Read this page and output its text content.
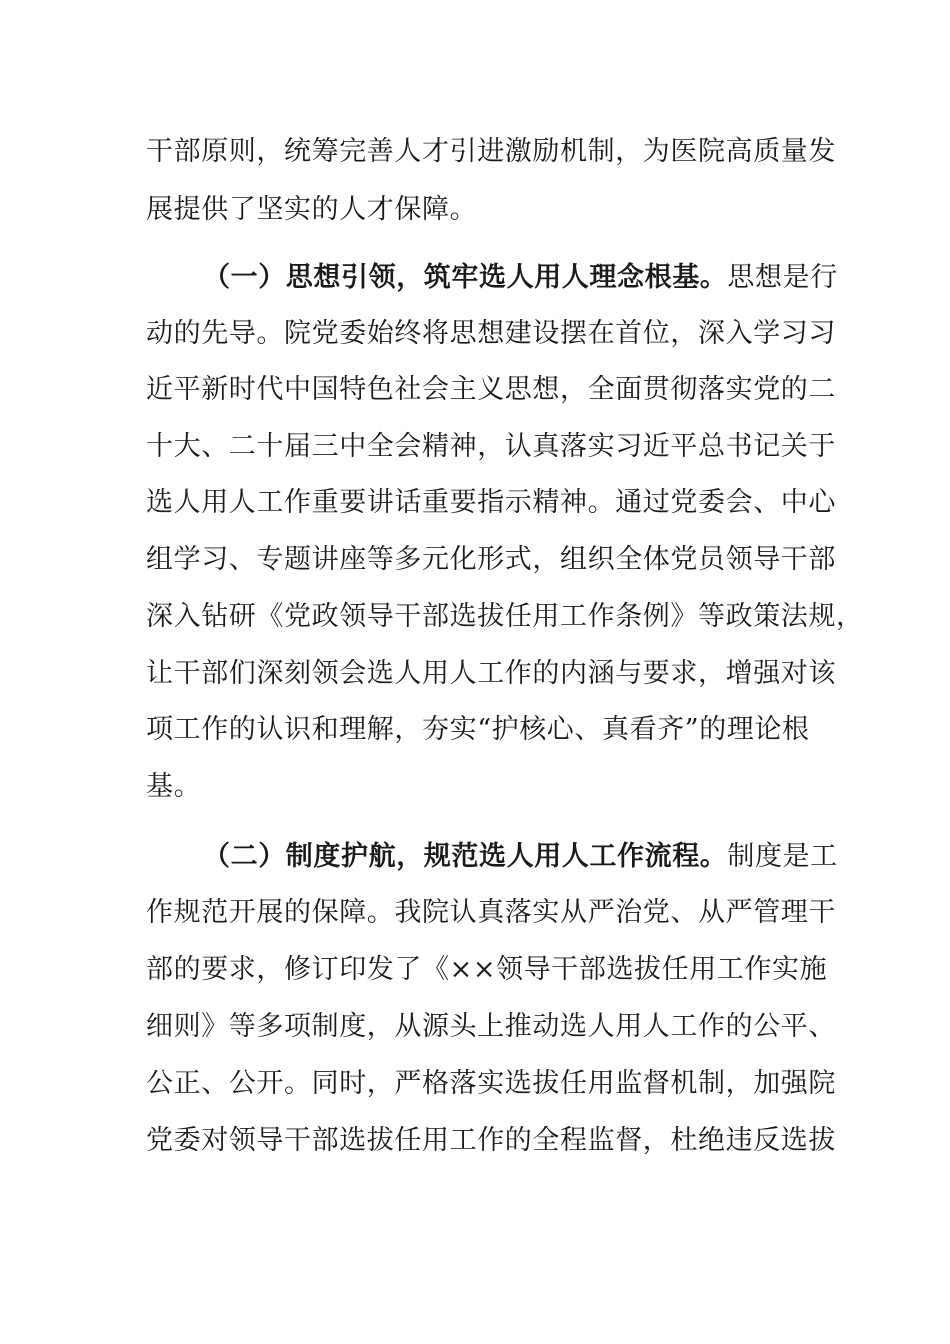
干部原则，统筹完善人才引进激励机制，为医院高质量发
展提供了坚实的人才保障。
（一）思想引领，筑牢选人用人理念根基。思想是行
动的先导。院党委始终将思想建设摆在首位，深入学习习
近平新时代中国特色社会主义思想，全面贯彻落实党的二
十大、二十届三中全会精神，认真落实习近平总书记关于
选人用人工作重要讲话重要指示精神。通过党委会、中心
组学习、专题讲座等多元化形式，组织全体党员领导干部
深入钻研《党政领导干部选拔任用工作条例》等政策法规，
让干部们深刻领会选人用人工作的内涵与要求，增强对该
项工作的认识和理解，夯实“护核心、真看齐”的理论根
基。
（二）制度护航，规范选人用人工作流程。制度是工
作规范开展的保障。我院认真落实从严治党、从严管理干
部的要求，修订印发了《××领导干部选拔任用工作实施
细则》等多项制度，从源头上推动选人用人工作的公平、
公正、公开。同时，严格落实选拔任用监督机制，加强院
党委对领导干部选拔任用工作的全程监督，杜绝违反选拔
